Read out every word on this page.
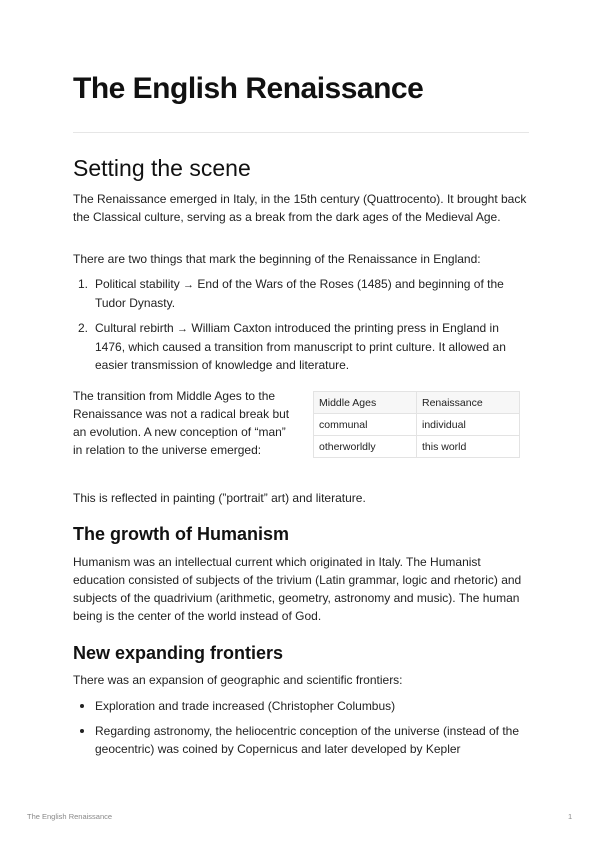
The English Renaissance
Setting the scene

The Renaissance emerged in Italy, in the 15th century (Quattrocento). It brought back the Classical culture, serving as a break from the dark ages of the Medieval Age.

There are two things that mark the beginning of the Renaissance in England:

1. Political stability → End of the Wars of the Roses (1485) and beginning of the Tudor Dynasty.
2. Cultural rebirth → William Caxton introduced the printing press in England in 1476, which caused a transition from manuscript to print culture. It allowed an easier transmission of knowledge and literature.

The transition from Middle Ages to the Renaissance was not a radical break but an evolution. A new conception of “man” in relation to the universe emerged:

Middle Ages	Renaissance
communal	individual
otherworldly	this world

This is reflected in painting (”portrait” art) and literature.

The growth of Humanism

Humanism was an intellectual current which originated in Italy. The Humanist education consisted of subjects of the trivium (Latin grammar, logic and rhetoric) and subjects of the quadrivium (arithmetic, geometry, astronomy and music). The human being is the center of the world instead of God.

New expanding frontiers

There was an expansion of geographic and scientific frontiers:

Exploration and trade increased (Christopher Columbus)
Regarding astronomy, the heliocentric conception of the universe (instead of the geocentric) was coined by Copernicus and later developed by Kepler
The English Renaissance	1
